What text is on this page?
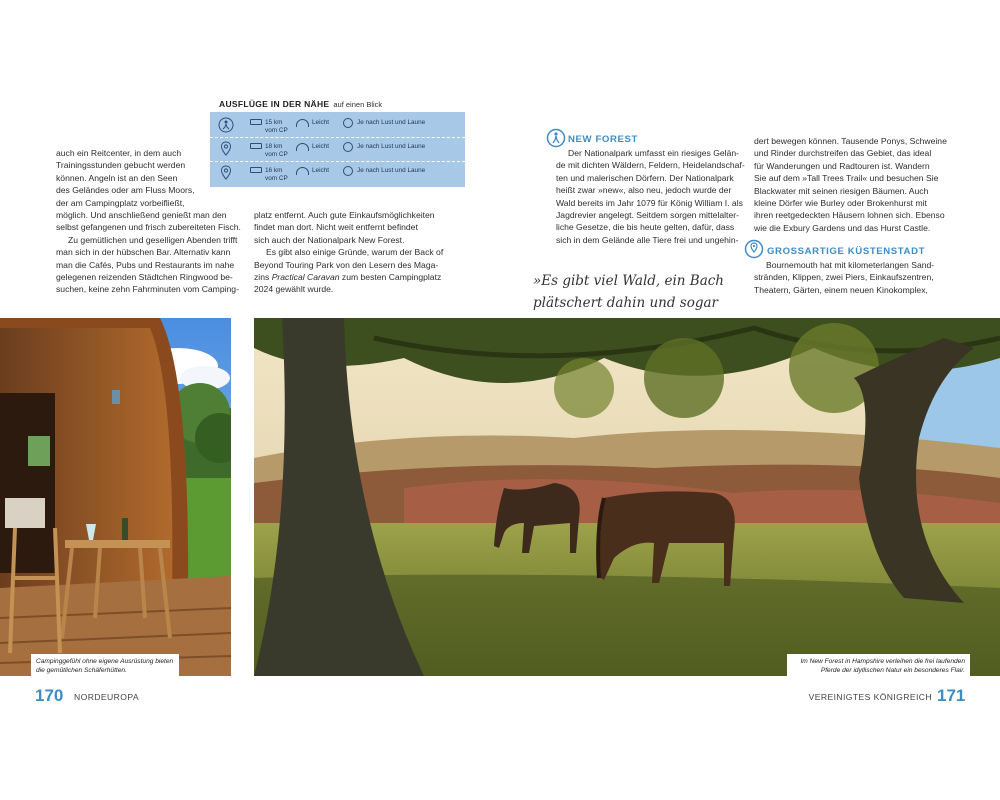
AUSFLÜGE IN DER NÄHE auf einen Blick
15 km
vom CP
Leicht	Je nach Lust und Laune
18 km
vom CP
Leicht	Je nach Lust und Laune
16 km
vom CP
Leicht	Je nach Lust und Laune

auch ein Reitcenter, in dem auch

Trainingsstunden gebucht werden

können. Angeln ist an den Seen

des Geländes oder am Fluss Moors,

der am Campingplatz vorbeifließt,

möglich. Und anschließend genießt man den

selbst gefangenen und frisch zubereiteten Fisch.

Zu gemütlichen und geselligen Abenden trifft

man sich in der hübschen Bar. Alternativ kann

man die Cafés, Pubs und Restaurants im nahe

gelegenen reizenden Städtchen Ringwood be-

suchen, keine zehn Fahrminuten vom Camping-

platz entfernt. Auch gute Einkaufsmöglichkeiten

findet man dort. Nicht weit entfernt befindet

sich auch der Nationalpark New Forest.

Es gibt also einige Gründe, warum der Back of

Beyond Touring Park von den Lesern des Maga-

zins Practical Caravan zum besten Campingplatz

2024 gewählt wurde.

NEW FOREST

Der Nationalpark umfasst ein riesiges Gelän-

de mit dichten Wäldern, Feldern, Heidelandschaf-

ten und malerischen Dörfern. Der Nationalpark

heißt zwar »new«, also neu, jedoch wurde der

Wald bereits im Jahr 1079 für König William I. als

Jagdrevier angelegt. Seitdem sorgen mittelalter-

liche Gesetze, die bis heute gelten, dafür, dass

sich in dem Gelände alle Tiere frei und ungehin-

dert bewegen können. Tausende Ponys, Schweine

und Rinder durchstreifen das Gebiet, das ideal

für Wanderungen und Radtouren ist. Wandern

Sie auf dem »Tall Trees Trail« und besuchen Sie

Blackwater mit seinen riesigen Bäumen. Auch

kleine Dörfer wie Burley oder Brokenhurst mit

ihren reetgedeckten Häusern lohnen sich. Ebenso

wie die Exbury Gardens und das Hurst Castle.

GROSSARTIGE KÜSTENSTADT

Bournemouth hat mit kilometerlangen Sand-

stränden, Klippen, zwei Piers, Einkaufszentren,

Theatern, Gärten, einem neuen Kinokomplex,

»Es gibt viel Wald, ein Bach plätschert dahin und sogar
Campinggefühl ohne eigene Ausrüstung bieten die gemütlichen Schäferhütten.
Im New Forest in Hampshire verleihen die frei laufenden Pferde der idyllischen Natur ein besonderes Flair.
170 NORDEUROPA	VEREINIGTES KÖNIGREICH 171
